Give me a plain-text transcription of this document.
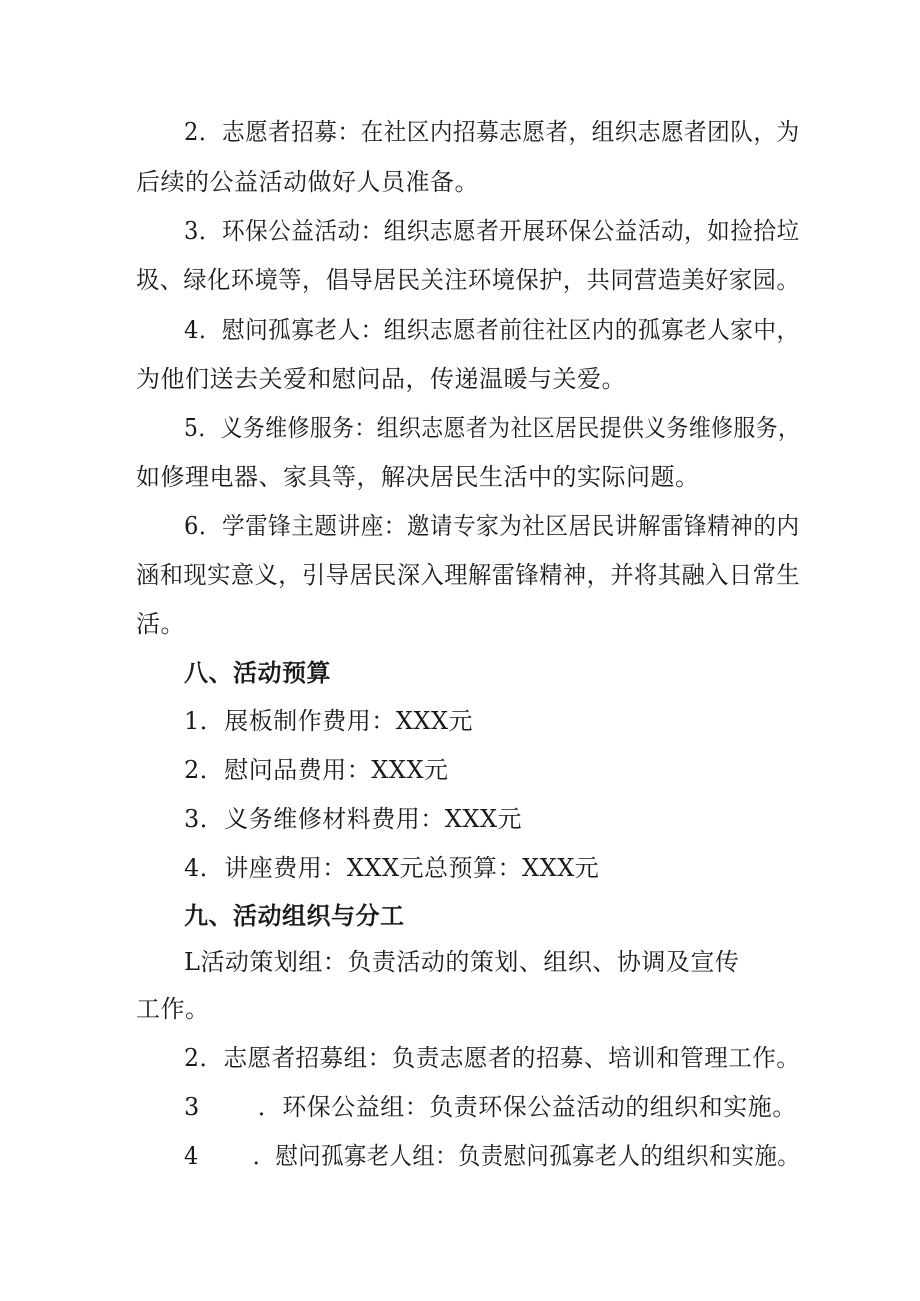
2．志愿者招募：在社区内招募志愿者，组织志愿者团队，为
后续的公益活动做好人员准备。
3．环保公益活动：组织志愿者开展环保公益活动，如捡拾垃
圾、绿化环境等，倡导居民关注环境保护，共同营造美好家园。
4．慰问孤寡老人：组织志愿者前往社区内的孤寡老人家中，
为他们送去关爱和慰问品，传递温暖与关爱。
5．义务维修服务：组织志愿者为社区居民提供义务维修服务，
如修理电器、家具等，解决居民生活中的实际问题。
6．学雷锋主题讲座：邀请专家为社区居民讲解雷锋精神的内
涵和现实意义，引导居民深入理解雷锋精神，并将其融入日常生
活。
八、活动预算
1．展板制作费用：XXX元
2．慰问品费用：XXX元
3．义务维修材料费用：XXX元
4．讲座费用：XXX元总预算：XXX元
九、活动组织与分工
L活动策划组：负责活动的策划、组织、协调及宣传
工作。
2．志愿者招募组：负责志愿者的招募、培训和管理工作。
3 ．环保公益组：负责环保公益活动的组织和实施。
4 ．慰问孤寡老人组：负责慰问孤寡老人的组织和实施。
